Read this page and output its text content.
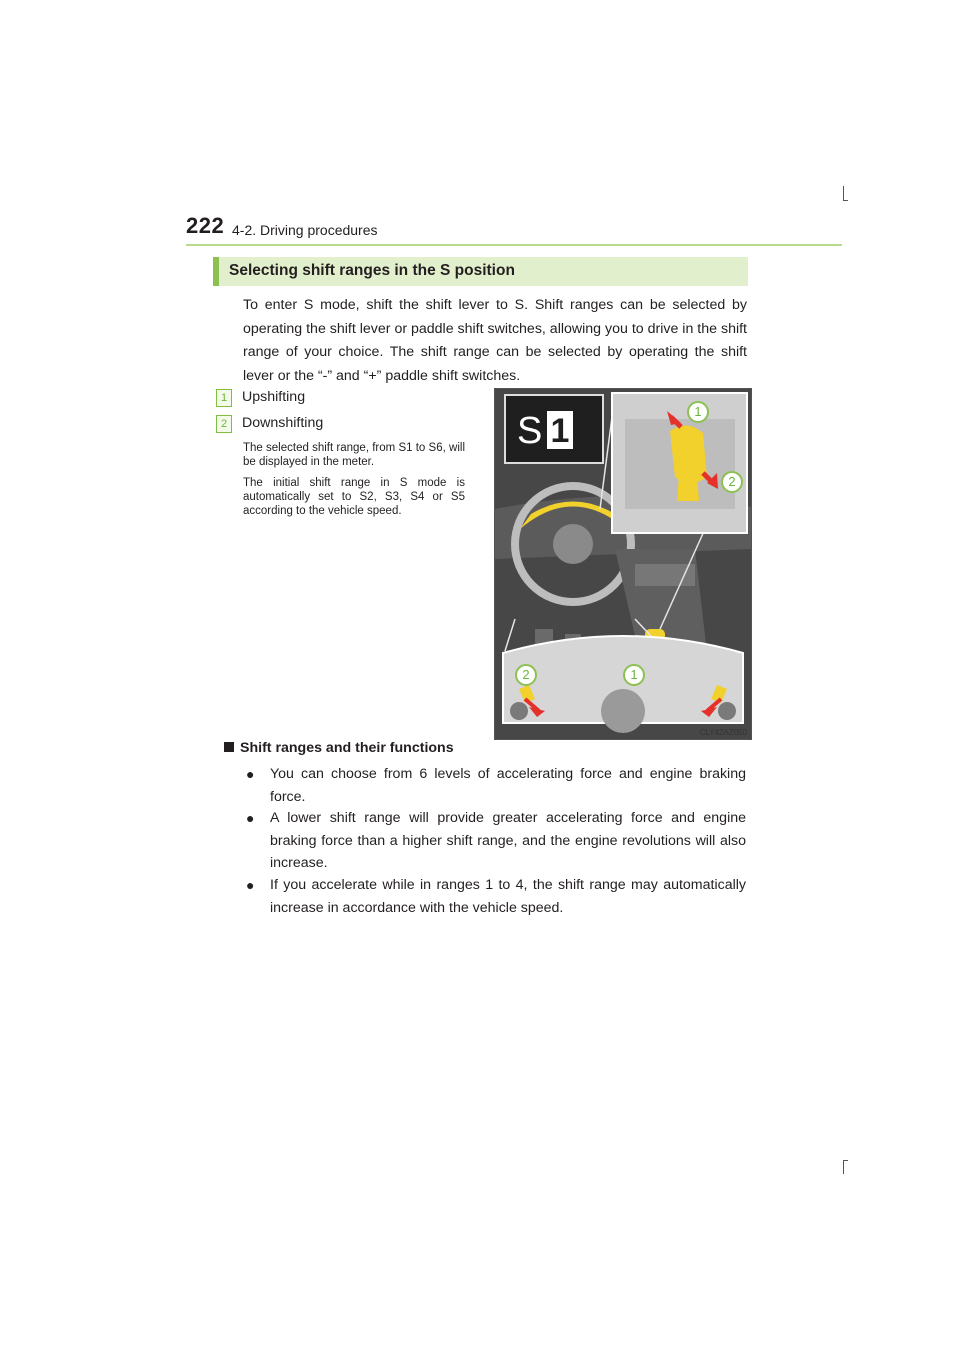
222 4-2. Driving procedures
Selecting shift ranges in the S position

To enter S mode, shift the shift lever to S. Shift ranges can be selected by operating the shift lever or paddle shift switches, allowing you to drive in the shift range of your choice. The shift range can be selected by operating the shift lever or the “-” and “+” paddle shift switches.

1	Upshifting
2	Downshifting

The selected shift range, from S1 to S6, will be displayed in the meter.

The initial shift range in S mode is automatically set to S2, S3, S4 or S5 according to the vehicle speed.

S 1
1
2
2	1
CLY42AZ050
Shift ranges and their functions
● You can choose from 6 levels of accelerating force and engine braking force.

● A lower shift range will provide greater accelerating force and engine braking force than a higher shift range, and the engine revolutions will also increase.

● If you accelerate while in ranges 1 to 4, the shift range may automatically increase in accordance with the vehicle speed.
